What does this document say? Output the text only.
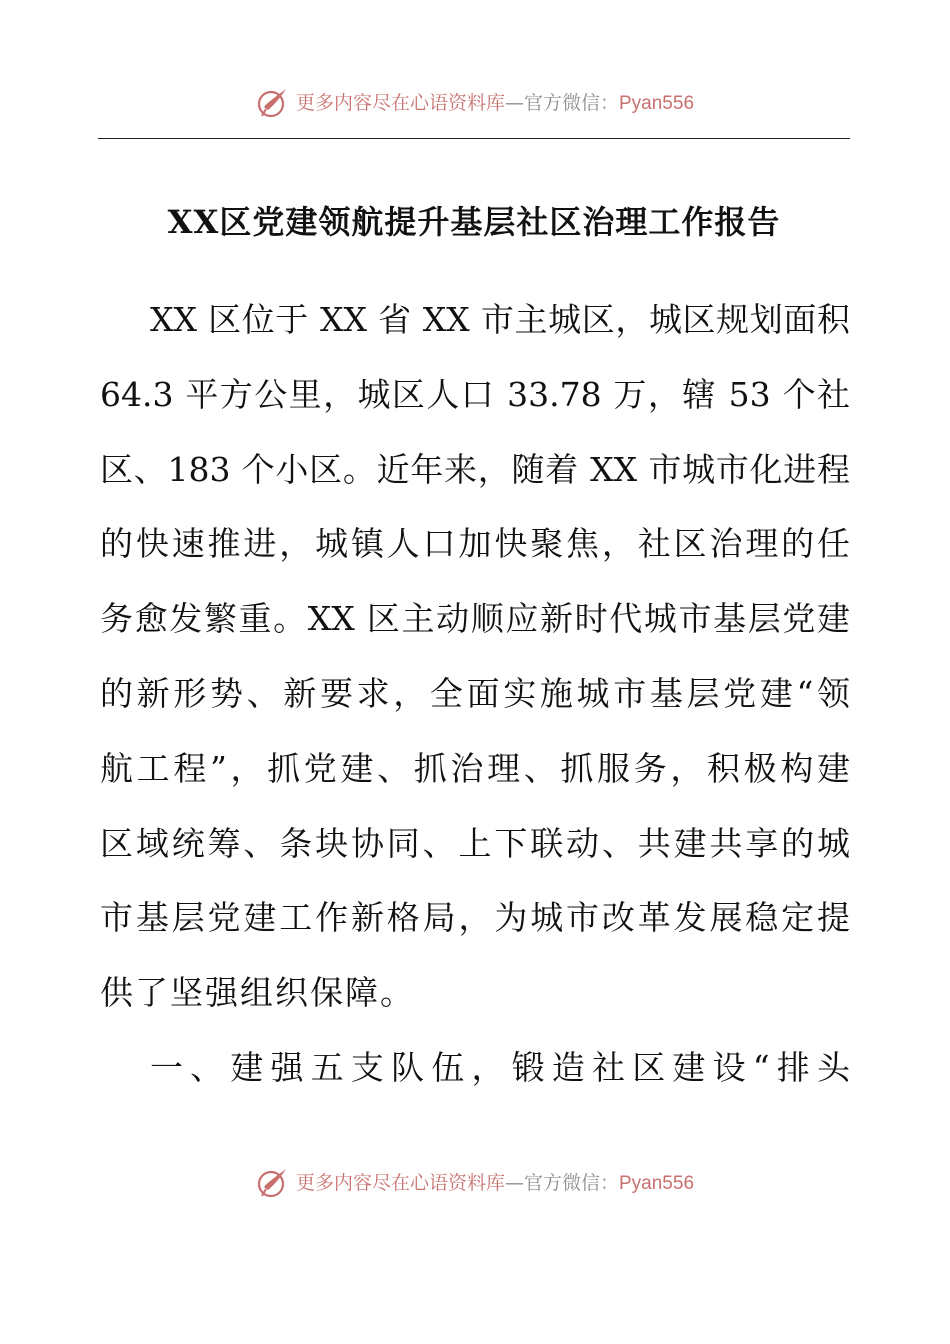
更多内容尽在心语资料库—官方微信：Pyan556
XX区党建领航提升基层社区治理工作报告
XX 区位于 XX 省 XX 市主城区，城区规划面积
64.3 平方公里，城区人口 33.78 万，辖 53 个社
区、183 个小区。近年来，随着 XX 市城市化进程
的快速推进，城镇人口加快聚焦，社区治理的任
务愈发繁重。XX 区主动顺应新时代城市基层党建
的新形势、新要求，全面实施城市基层党建“领
航工程”，抓党建、抓治理、抓服务，积极构建
区域统筹、条块协同、上下联动、共建共享的城
市基层党建工作新格局，为城市改革发展稳定提
供了坚强组织保障。
一、建强五支队伍，锻造社区建设“排头
更多内容尽在心语资料库—官方微信：Pyan556
